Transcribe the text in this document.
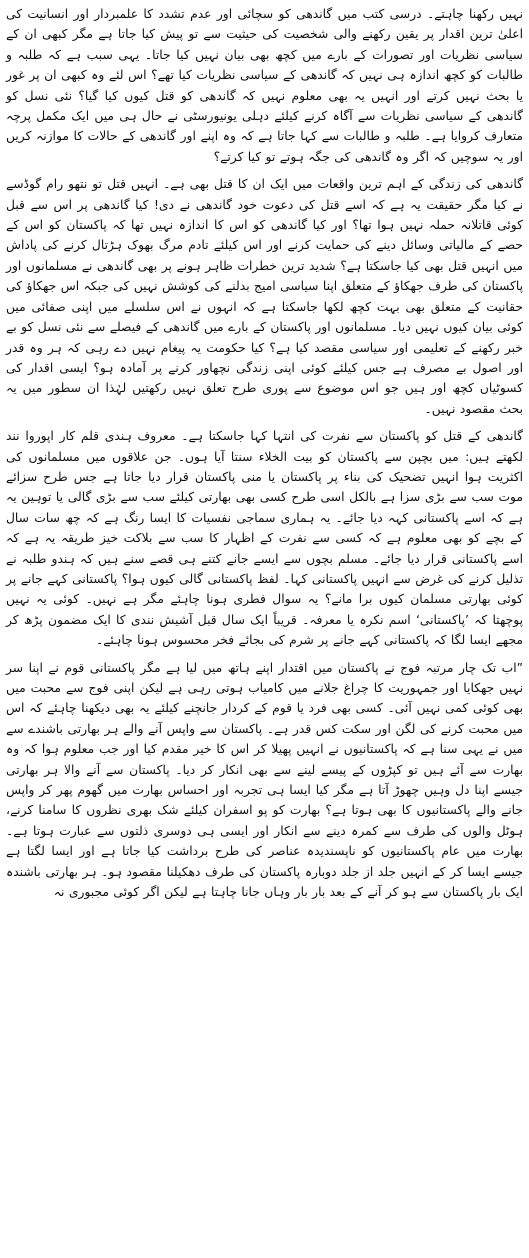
نہیں رکھنا چاہتے۔ درسی کتب میں گاندھی کو سچائی اور عدم تشدد کا علمبردار اور انسانیت کی اعلیٰ ترین اقدار پر یقین رکھنے والی شخصیت کی حیثیت سے تو پیش کیا جاتا ہے مگر کبھی ان کے سیاسی نظریات اور تصورات کے بارے میں کچھ بھی بیان نہیں کیا جاتا۔ یہی سبب ہے کہ طلبہ و طالبات کو کچھ اندازہ ہی نہیں کہ گاندھی کے سیاسی نظریات کیا تھے؟ اس لئے وہ کبھی ان پر غور یا بحث نہیں کرتے اور انہیں یہ بھی معلوم نہیں کہ گاندھی کو قتل کیوں کیا گیا؟ نئی نسل کو گاندھی کے سیاسی نظریات سے آگاہ کرنے کیلئے دہلی یونیورسٹی نے حال ہی میں ایک مکمل پرچہ متعارف کروایا ہے۔ طلبہ و طالبات سے کہا جاتا ہے کہ وہ اپنے اور گاندھی کے حالات کا موازنہ کریں اور یہ سوچیں کہ اگر وہ گاندھی کی جگہ ہوتے تو کیا کرتے؟

گاندھی کی زندگی کے اہم ترین واقعات میں ایک ان کا قتل بھی ہے۔ انہیں قتل تو نتھو رام گوڈسے نے کیا مگر حقیقت یہ ہے کہ اسے قتل کی دعوت خود گاندھی نے دی! کیا گاندھی پر اس سے قبل کوئی قاتلانہ حملہ نہیں ہوا تھا؟ اور کیا گاندھی کو اس کا اندازہ نہیں تھا کہ پاکستان کو اس کے حصے کے مالیاتی وسائل دینے کی حمایت کرنے اور اس کیلئے تادم مرگ بھوک ہڑتال کرنے کی پاداش میں انہیں قتل بھی کیا جاسکتا ہے؟ شدید ترین خطرات ظاہر ہونے پر بھی گاندھی نے مسلمانوں اور پاکستان کی طرف جھکاؤ کے متعلق اپنا سیاسی امیج بدلنے کی کوشش نہیں کی جبکہ اس جھکاؤ کی حقانیت کے متعلق بھی بہت کچھ لکھا جاسکتا ہے کہ انہوں نے اس سلسلے میں اپنی صفائی میں کوئی بیان کیوں نہیں دیا۔ مسلمانوں اور پاکستان کے بارے میں گاندھی کے فیصلے سے نئی نسل کو بے خبر رکھنے کے تعلیمی اور سیاسی مقصد کیا ہے؟ کیا حکومت یہ پیغام نہیں دے رہی کہ ہر وہ قدر اور اصول بے مصرف ہے جس کیلئے کوئی اپنی زندگی نچھاور کرنے پر آمادہ ہو؟ ایسی اقدار کی کسوٹیاں کچھ اور ہیں جو اس موضوع سے پوری طرح تعلق نہیں رکھتیں لہٰذا ان سطور میں یہ بحث مقصود نہیں۔

گاندھی کے قتل کو پاکستان سے نفرت کی انتہا کہا جاسکتا ہے۔ معروف ہندی قلم کار اپوروا نند لکھتے ہیں: میں بچپن سے پاکستان کو بیت الخلاء سنتا آیا ہوں۔ جن علاقوں میں مسلمانوں کی اکثریت ہوا انہیں تضحیک کی بناء پر پاکستان یا منی پاکستان قرار دیا جاتا ہے جس طرح سزائے موت سب سے بڑی سزا ہے بالکل اسی طرح کسی بھی بھارتی کیلئے سب سے بڑی گالی یا توہین یہ ہے کہ اسے پاکستانی کہہ دیا جائے۔ یہ ہماری سماجی نفسیات کا ایسا رنگ ہے کہ چھ سات سال کے بچے کو بھی معلوم ہے کہ کسی سے نفرت کے اظہار کا سب سے بلاکت خیز طریقہ یہ ہے کہ اسے پاکستانی قرار دیا جائے۔ مسلم بچوں سے ایسے جانے کتنے ہی قصے سنے ہیں کہ ہندو طلبہ نے تذلیل کرنے کی غرض سے انہیں پاکستانی کہا۔ لفظ پاکستانی گالی کیوں ہوا؟ پاکستانی کہے جانے پر کوئی بھارتی مسلمان کیوں برا مانے؟ یہ سوال فطری ہونا چاہئے مگر ہے نہیں۔ کوئی یہ نہیں پوچھتا کہ ’پاکستانی‘ اسم نکرہ یا معرفہ۔ قریباً ایک سال قبل آشیش نندی کا ایک مضمون پڑھ کر مجھے ایسا لگا کہ پاکستانی کہے جانے پر شرم کی بجائے فخر محسوس ہونا چاہئے۔

”اب تک چار مرتبہ فوج نے پاکستان میں اقتدار اپنے ہاتھ میں لیا ہے مگر پاکستانی قوم نے اپنا سر نہیں جھکایا اور جمہوریت کا چراغ جلانے میں کامیاب ہوتی رہی ہے لیکن اپنی فوج سے محبت میں بھی کوئی کمی نہیں آئی۔ کسی بھی فرد یا قوم کے کردار جانچنے کیلئے یہ بھی دیکھنا چاہئے کہ اس میں محبت کرنے کی لگن اور سکت کس قدر ہے۔ پاکستان سے واپس آنے والے ہر بھارتی باشندے سے میں نے یہی سنا ہے کہ پاکستانیوں نے انہیں پھیلا کر اس کا خیر مقدم کیا اور جب معلوم ہوا کہ وہ بھارت سے آئے ہیں تو کپڑوں کے پیسے لینے سے بھی انکار کر دیا۔ پاکستان سے آنے والا ہر بھارتی جیسے اپنا دل وہیں چھوڑ آتا ہے مگر کیا ایسا ہی تجربہ اور احساس بھارت میں گھوم پھر کر واپس جانے والے پاکستانیوں کا بھی ہوتا ہے؟ بھارت کو پو اسفران کیلئے شک بھری نظروں کا سامنا کرنے، ہوٹل والوں کی طرف سے کمرہ دینے سے انکار اور ایسی ہی دوسری ذلتوں سے عبارت ہوتا ہے۔ بھارت میں عام پاکستانیوں کو ناپسندیدہ عناصر کی طرح برداشت کیا جاتا ہے اور ایسا لگتا ہے جیسے ایسا کر کے انہیں جلد از جلد دوبارہ پاکستان کی طرف دھکیلنا مقصود ہو۔ ہر بھارتی باشندہ ایک بار پاکستان سے ہو کر آنے کے بعد بار بار وہاں جانا چاہتا ہے لیکن اگر کوئی مجبوری نہ
